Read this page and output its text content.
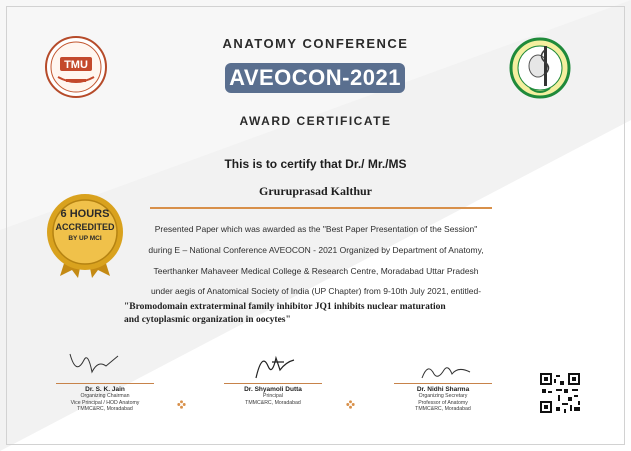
TMU
ANATOMY CONFERENCE
AVEOCON-2021
AWARD CERTIFICATE
6 HOURS
ACCREDITED
BY UP MCI
This is to certify that Dr./ Mr./MS
Gruruprasad Kalthur
Presented Paper which was awarded as the "Best Paper Presentation of the Session"
during E – National Conference AVEOCON - 2021 Organized by Department of Anatomy,
Teerthanker Mahaveer Medical College & Research Centre, Moradabad Uttar Pradesh
under aegis of Anatomical Society of India (UP Chapter) from 9-10th July 2021, entitled-
"Bromodomain extraterminal family inhibitor JQ1 inhibits nuclear maturation
and cytoplasmic organization in oocytes"
Dr. S. K. Jain
Organizing Chairman
Vice Principal / HOD Anatomy
TMMC&RC, Moradabad
Dr. Shyamoli Dutta
Principal
TMMC&RC, Moradabad
Dr. Nidhi Sharma
Organizing Secretary
Professor of Anatomy
TMMC&RC, Moradabad
